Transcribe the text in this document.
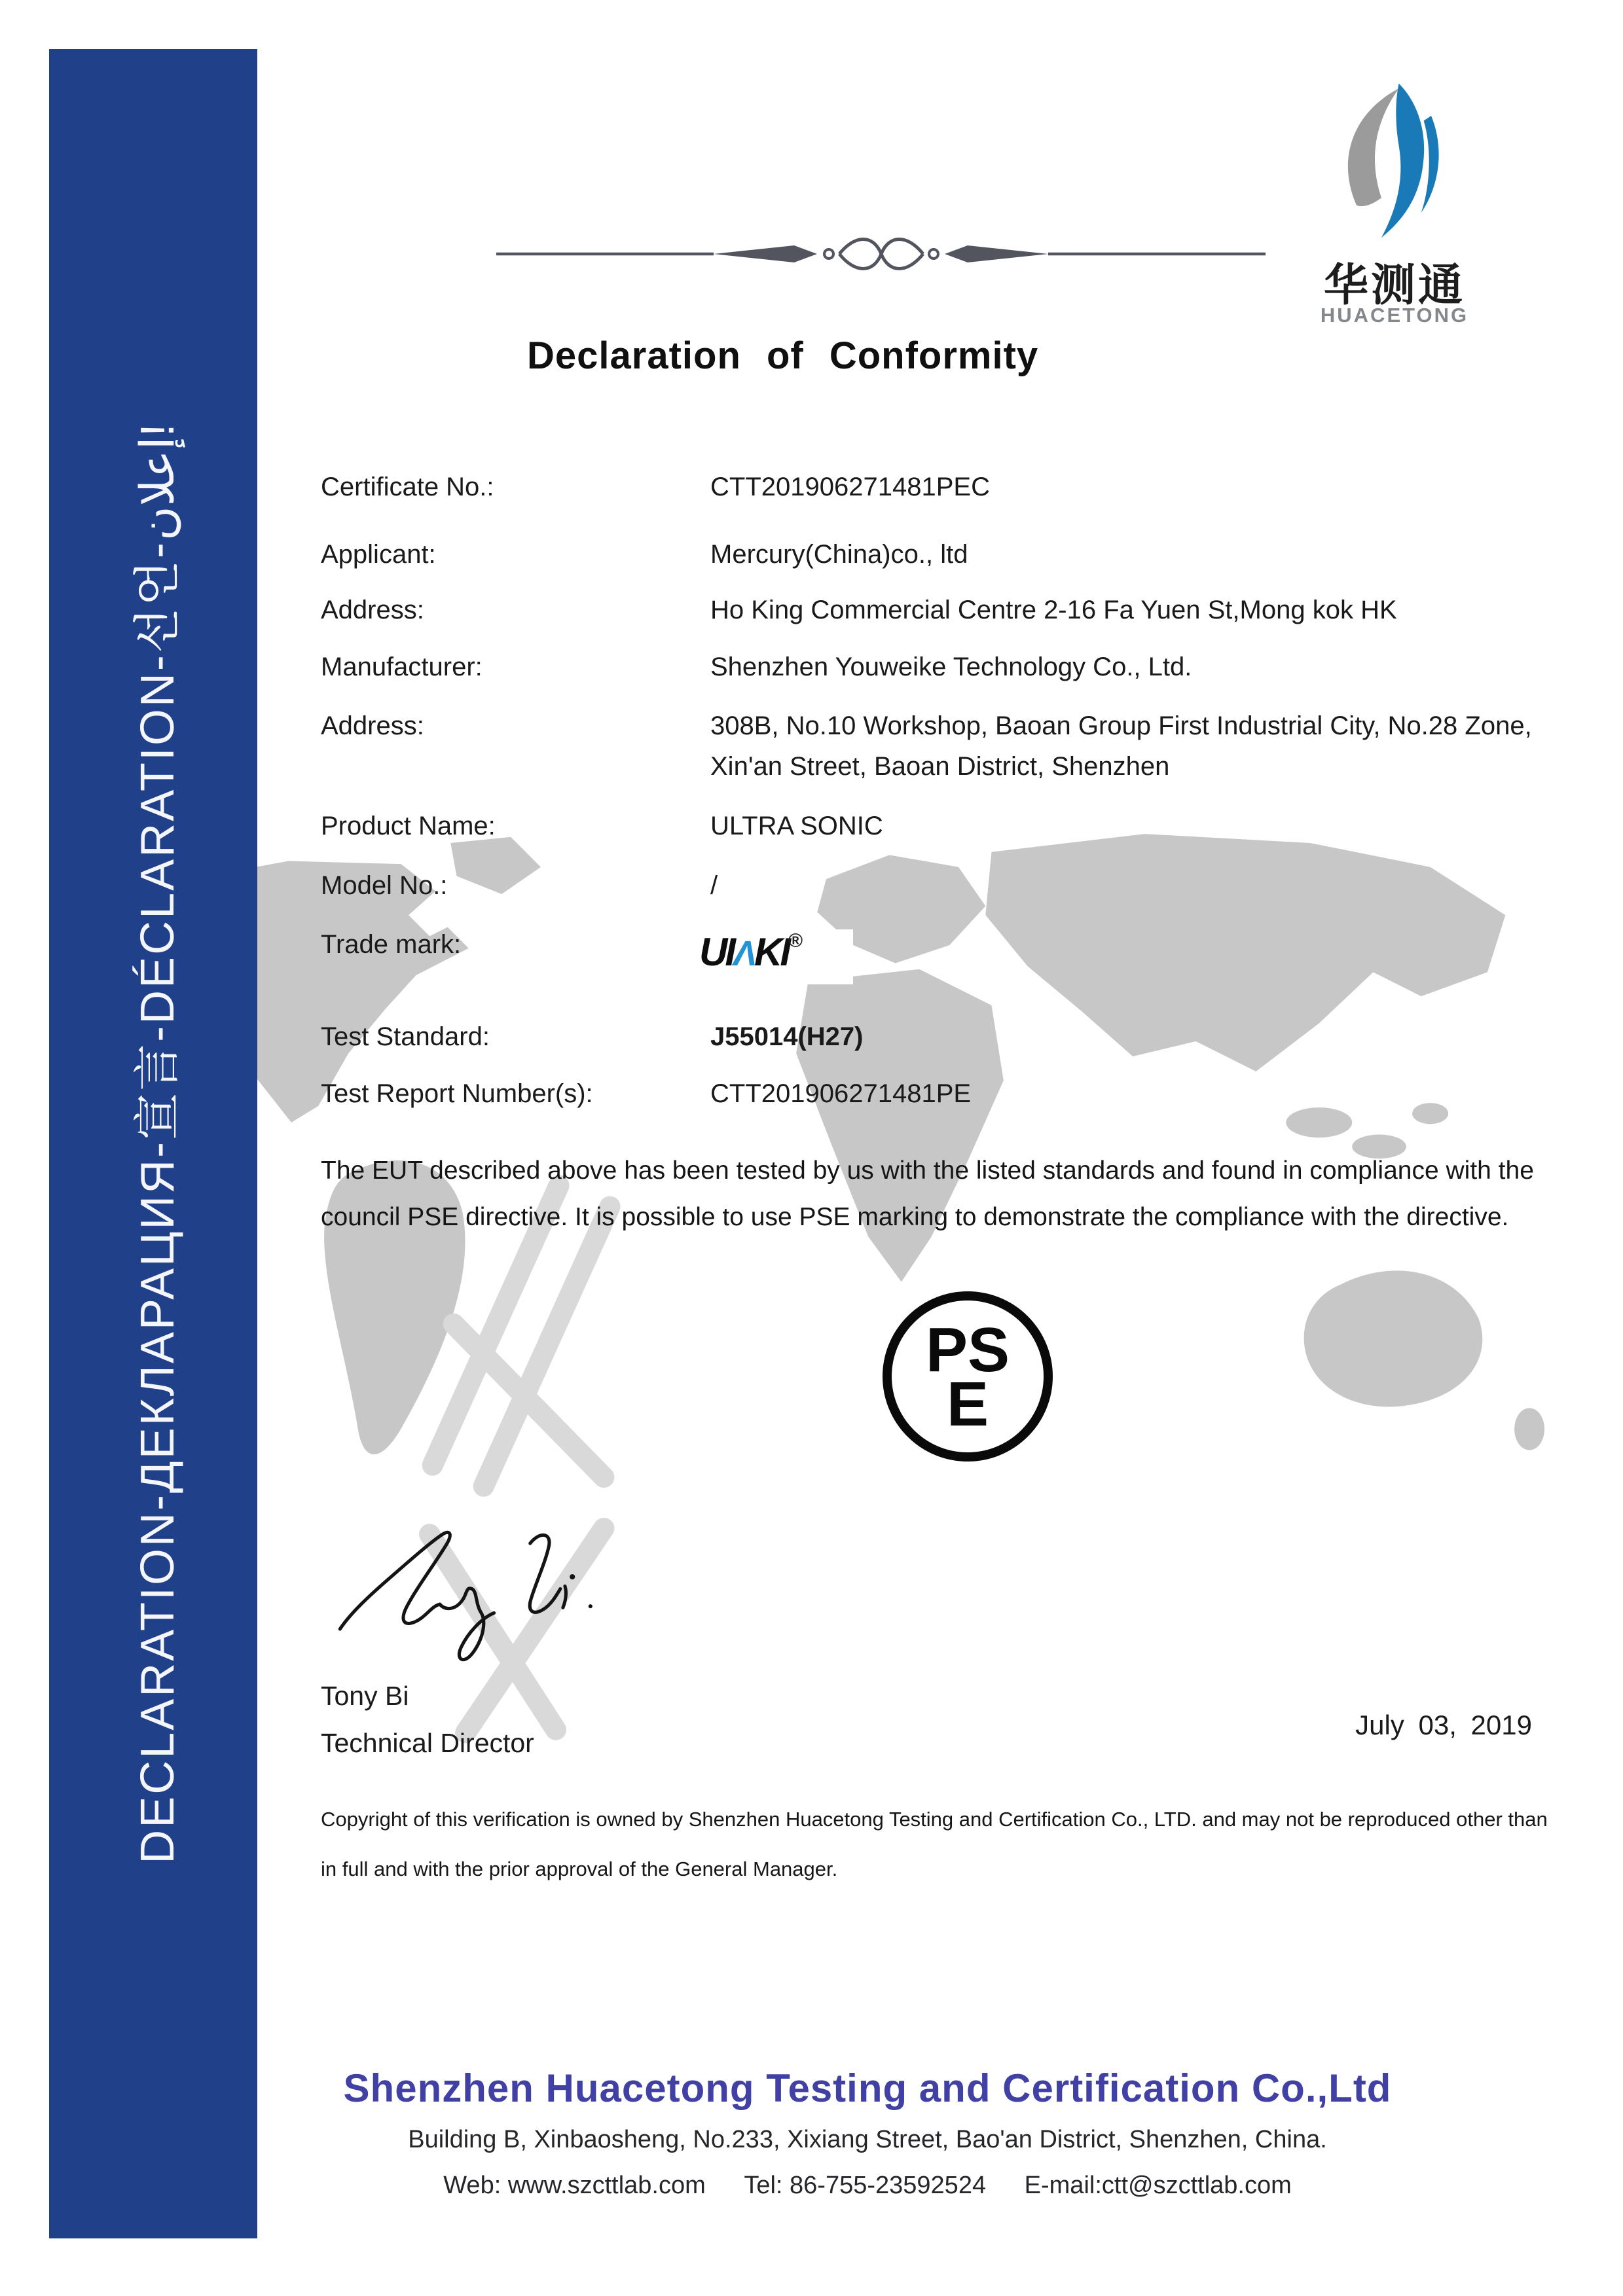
DECLARATION-ДЕКЛАРАЦИЯ-宣言-DÉCLARATION-선언-إعلان!
华测通
HUACETONG
Declaration of Conformity
Certificate No.:	CTT201906271481PEC
Applicant:	Mercury(China)co., ltd
Address:	Ho King Commercial Centre 2-16 Fa Yuen St,Mong kok HK
Manufacturer:	Shenzhen Youweike Technology Co., Ltd.
Address:	308B, No.10 Workshop, Baoan Group First Industrial City, No.28 Zone, Xin'an Street, Baoan District, Shenzhen
Product Name:	ULTRA SONIC
Model No.:	/
Trade mark:	UIΛKI®
Test Standard:	J55014(H27)
Test Report Number(s):	CTT201906271481PE
The EUT described above has been tested by us with the listed standards and found in compliance with the council PSE directive. It is possible to use PSE marking to demonstrate the compliance with the directive.
PS
E
Tony Bi
Technical Director
July 03, 2019
Copyright of this verification is owned by Shenzhen Huacetong Testing and Certification Co., LTD. and may not be reproduced other than in full and with the prior approval of the General Manager.
Shenzhen Huacetong Testing and Certification Co.,Ltd
Building B, Xinbaosheng, No.233, Xixiang Street, Bao'an District, Shenzhen, China.
Web: www.szcttlab.com Tel: 86-755-23592524 E-mail:ctt@szcttlab.com
